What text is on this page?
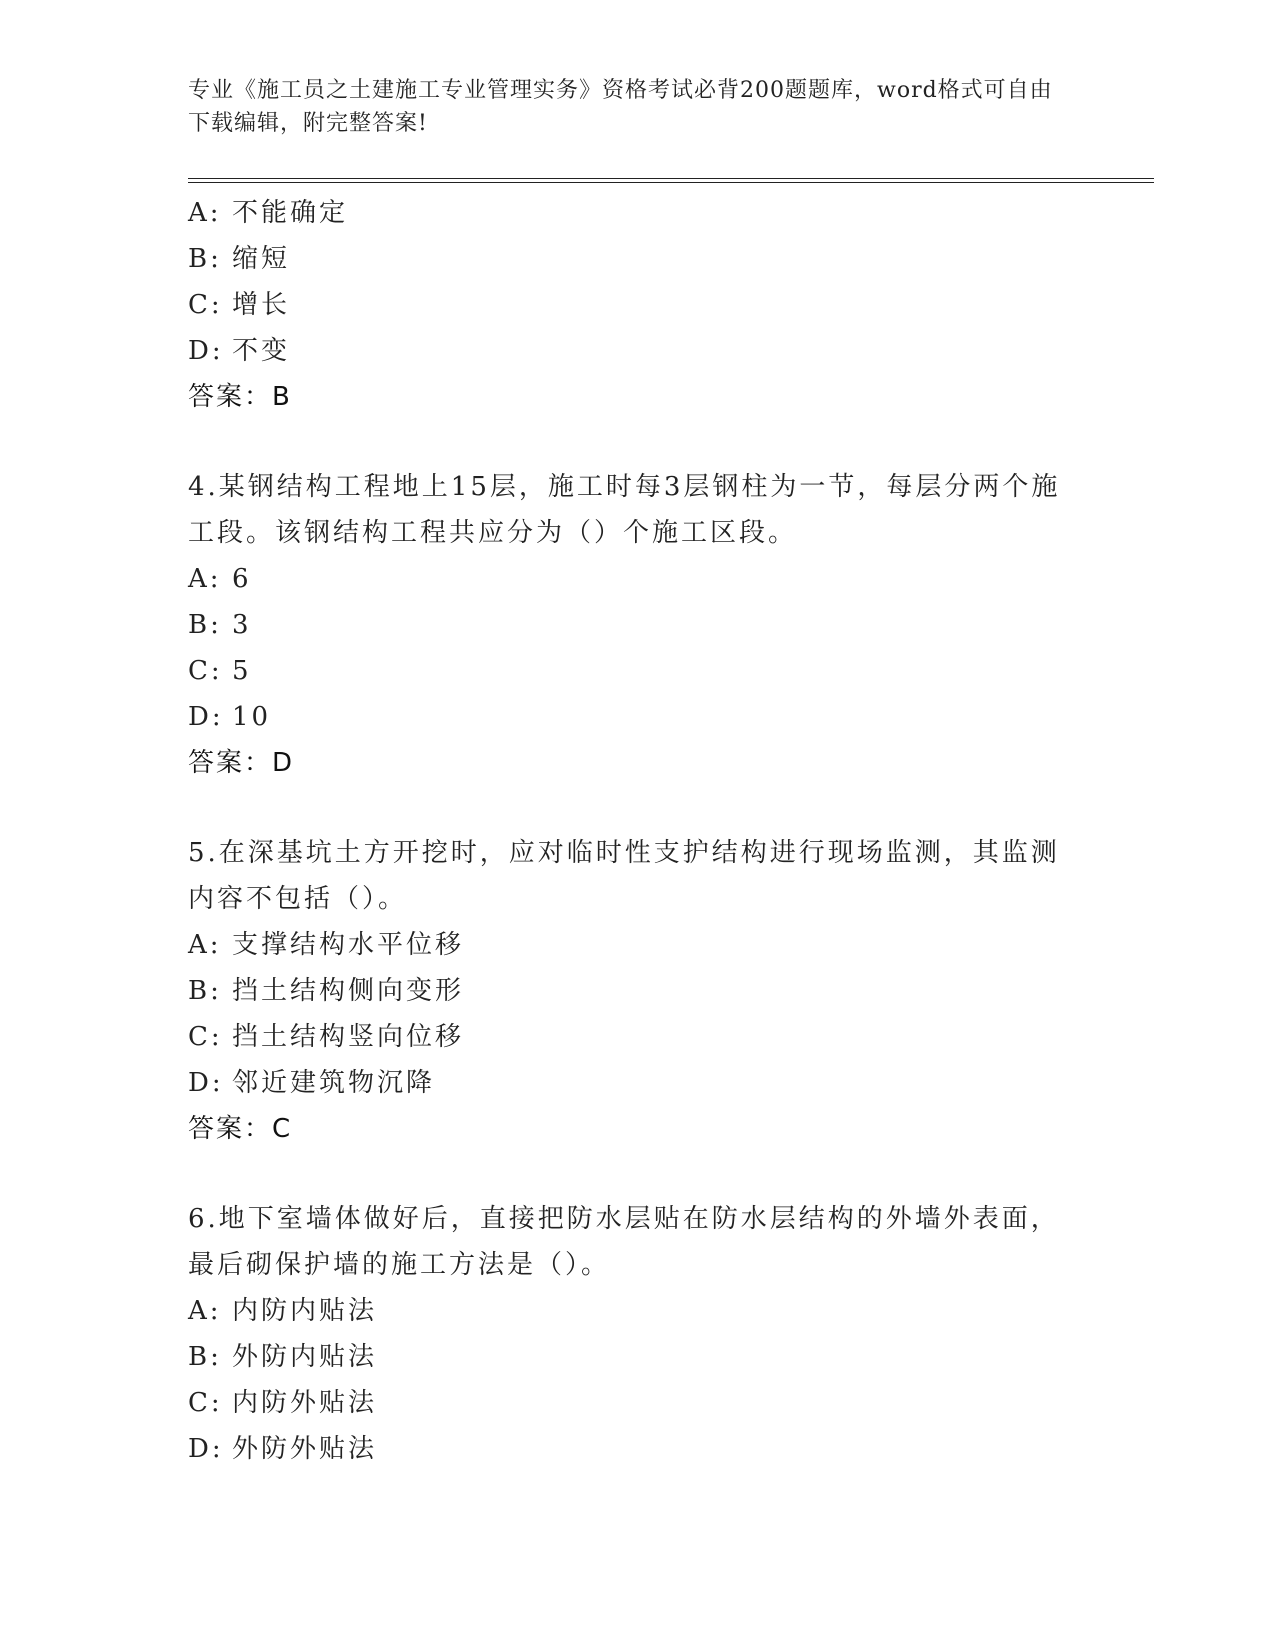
专业《施工员之土建施工专业管理实务》资格考试必背200题题库，word格式可自由下载编辑，附完整答案!
A: 不能确定
B: 缩短
C: 增长
D: 不变
答案：B
4.某钢结构工程地上15层，施工时每3层钢柱为一节，每层分两个施工段。该钢结构工程共应分为（）个施工区段。
A: 6
B: 3
C: 5
D: 10
答案：D
5.在深基坑土方开挖时，应对临时性支护结构进行现场监测，其监测内容不包括（）。
A: 支撑结构水平位移
B: 挡土结构侧向变形
C: 挡土结构竖向位移
D: 邻近建筑物沉降
答案：C
6.地下室墙体做好后，直接把防水层贴在防水层结构的外墙外表面，最后砌保护墙的施工方法是（）。
A: 内防内贴法
B: 外防内贴法
C: 内防外贴法
D: 外防外贴法
